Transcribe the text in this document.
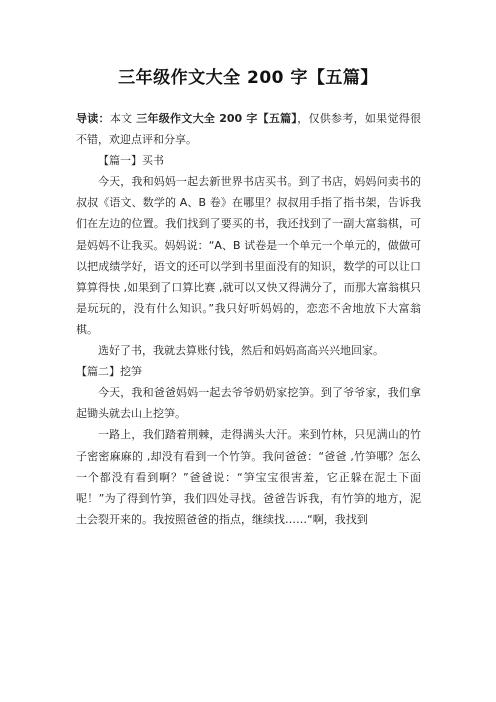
三年级作文大全 200 字【五篇】

导读：本文 三年级作文大全 200 字【五篇】，仅供参考，如果觉得很不错，欢迎点评和分享。

【篇一】买书

今天，我和妈妈一起去新世界书店买书。到了书店，妈妈问卖书的叔叔《语文、数学的 A、B 卷》在哪里？叔叔用手指了指书架，告诉我们在左边的位置。我们找到了要买的书，我还找到了一副大富翁棋，可是妈妈不让我买。妈妈说：“A、B 试卷是一个单元一个单元的，做做可以把成绩学好，语文的还可以学到书里面没有的知识，数学的可以让口算算得快 ,如果到了口算比赛 ,就可以又快又得满分了，而那大富翁棋只是玩玩的，没有什么知识。”我只好听妈妈的，恋恋不舍地放下大富翁棋。

选好了书，我就去算账付钱，然后和妈妈高高兴兴地回家。

【篇二】挖笋

今天，我和爸爸妈妈一起去爷爷奶奶家挖笋。到了爷爷家，我们拿起锄头就去山上挖笋。

一路上，我们踏着荆棘，走得满头大汗。来到竹林，只见满山的竹子密密麻麻的 ,却没有看到一个竹笋。我问爸爸：“爸爸 ,竹笋哪？怎么一个都没有看到啊？”爸爸说：“笋宝宝很害羞，它正躲在泥土下面呢！”为了得到竹笋，我们四处寻找。爸爸告诉我，有竹笋的地方，泥土会裂开来的。我按照爸爸的指点，继续找……“啊，我找到
